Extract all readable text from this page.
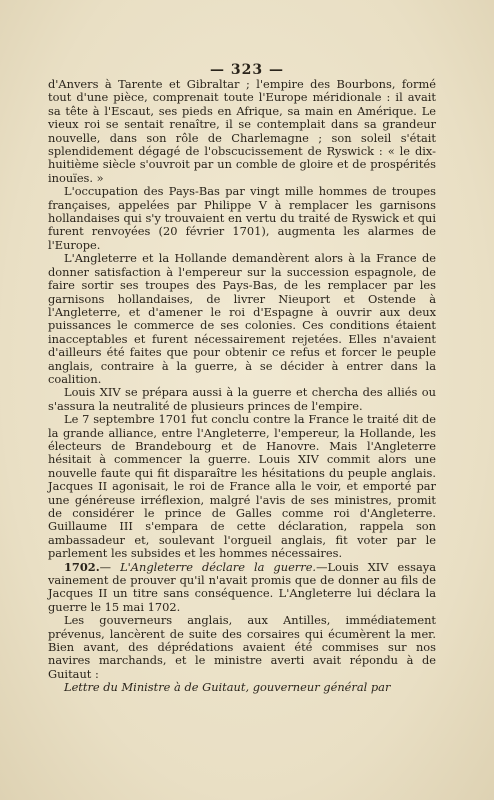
— 323 —

d'Anvers à Tarente et Gibraltar ; l'empire des Bourbons, formé tout d'une pièce, comprenait toute l'Europe méridionale : il avait sa tête à l'Escaut, ses pieds en Afrique, sa main en Amérique. Le vieux roi se sentait renaître, il se contemplait dans sa grandeur nouvelle, dans son rôle de Charlemagne ; son soleil s'était splendidement dégagé de l'obscucissement de Ryswick : « le dix-huitième siècle s'ouvroit par un comble de gloire et de prospérités inouïes. »

L'occupation des Pays-Bas par vingt mille hommes de troupes françaises, appelées par Philippe V à remplacer les garnisons hollandaises qui s'y trouvaient en vertu du traité de Ryswick et qui furent renvoyées (20 février 1701), augmenta les alarmes de l'Europe.

L'Angleterre et la Hollande demandèrent alors à la France de donner satisfaction à l'empereur sur la succession espagnole, de faire sortir ses troupes des Pays-Bas, de les remplacer par les garnisons hollandaises, de livrer Nieuport et Ostende à l'Angleterre, et d'amener le roi d'Espagne à ouvrir aux deux puissances le commerce de ses colonies. Ces conditions étaient inacceptables et furent nécessairement rejetées. Elles n'avaient d'ailleurs été faites que pour obtenir ce refus et forcer le peuple anglais, contraire à la guerre, à se décider à entrer dans la coalition.

Louis XIV se prépara aussi à la guerre et chercha des alliés ou s'assura la neutralité de plusieurs princes de l'empire.

Le 7 septembre 1701 fut conclu contre la France le traité dit de la grande alliance, entre l'Angleterre, l'empereur, la Hollande, les électeurs de Brandebourg et de Hanovre. Mais l'Angleterre hésitait à commencer la guerre. Louis XIV commit alors une nouvelle faute qui fit disparaître les hésitations du peuple anglais. Jacques II agonisait, le roi de France alla le voir, et emporté par une généreuse irréflexion, malgré l'avis de ses ministres, promit de considérer le prince de Galles comme roi d'Angleterre. Guillaume III s'empara de cette déclaration, rappela son ambassadeur et, soulevant l'orgueil anglais, fit voter par le parlement les subsides et les hommes nécessaires.

1702.— L'Angleterre déclare la guerre.—Louis XIV essaya vainement de prouver qu'il n'avait promis que de donner au fils de Jacques II un titre sans conséquence. L'Angleterre lui déclara la guerre le 15 mai 1702.

Les gouverneurs anglais, aux Antilles, immédiatement prévenus, lancèrent de suite des corsaires qui écumèrent la mer. Bien avant, des déprédations avaient été commises sur nos navires marchands, et le ministre averti avait répondu à de Guitaut :

Lettre du Ministre à de Guitaut, gouverneur général par
